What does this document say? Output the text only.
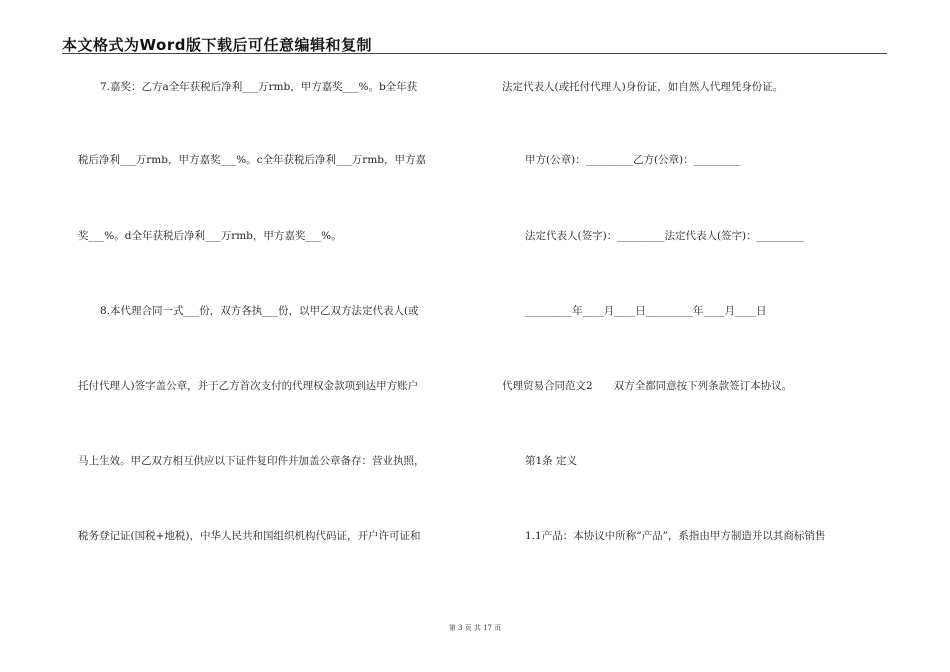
本文格式为Word版下载后可任意编辑和复制
7.嘉奖：乙方a全年获税后净利___万rmb，甲方嘉奖___%。b全年获
税后净利___万rmb，甲方嘉奖___%。c全年获税后净利___万rmb，甲方嘉
奖___%。d全年获税后净利___万rmb，甲方嘉奖___%。
8.本代理合同一式___份，双方各执___份，以甲乙双方法定代表人(或
托付代理人)签字盖公章，并于乙方首次支付的代理权金款项到达甲方账户
马上生效。甲乙双方相互供应以下证件复印件并加盖公章备存：营业执照，
税务登记证(国税+地税)，中华人民共和国组织机构代码证，开户许可证和
法定代表人(或托付代理人)身份证，如自然人代理凭身份证。
甲方(公章)：_________乙方(公章)：_________
法定代表人(签字)：_________法定代表人(签字)：_________
_________年____月____日_________年____月____日
代理贸易合同范文2　　双方全都同意按下列条款签订本协议。
第1条 定义
1.1产品：本协议中所称“产品”，系指由甲方制造并以其商标销售
第 3 页 共 17 页
